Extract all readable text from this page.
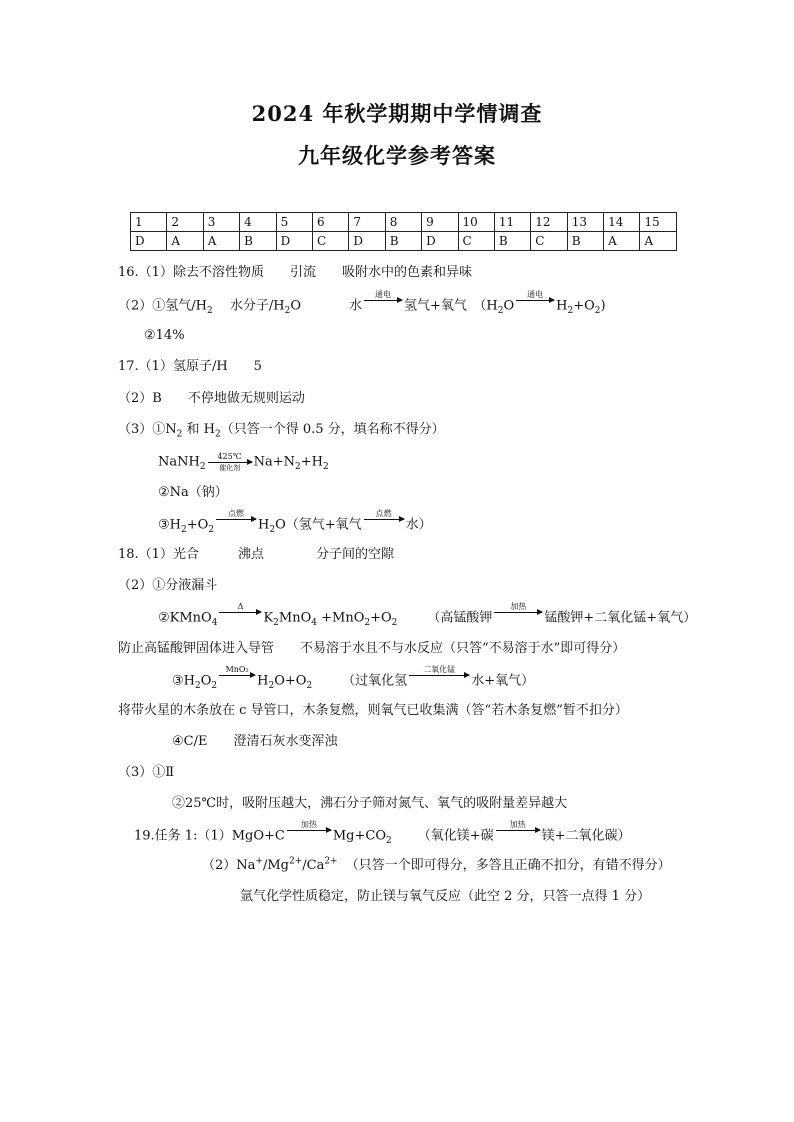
2024 年秋学期期中学情调查
九年级化学参考答案
1	2	3	4	5	6	7	8	9	10	11	12	13	14	15
D	A	A	B	D	C	D	B	D	C	B	C	B	A	A
16.（1）除去不溶性物质　　引流　　吸附水中的色素和异味
（2）①氢气$/H_2$　 水分子$/H_2O$	水
通电
氢气+氧气　（$H_2O$
通电
$H_2+O_2$)
②14%
17.（1）氢原子/H　　5
（2）B　　不停地做无规则运动
$(3)①N_2$ 和 $H_2$（只答一个得 0.5 分，填名称不得分）
NaNH$_2$
425℃
催化剂	$Na+N_2+H_2$
②Na（钠）
$③H_2+O_2$
点燃
$H_2O$（氢气+氧气
点燃
水）
18.（1）光合　　　沸点　　　　分子间的空隙
（2）①分液漏斗
②KMnO$_4$
Δ
$K_2MnO_4 +MnO_2+O_2$ （高锰酸钾
加热
锰酸钾+二氧化锰+氧气）
防止高锰酸钾固体进入导管　　不易溶于水且不与水反应（只答“不易溶于水”即可得分）
$③H_2O_2$
MnO₂
$H_2O+O_2$ （过氧化氢
二氧化锰
水+氧气）
将带火星的木条放在 c 导管口，木条复燃，则氧气已收集满（答“若木条复燃”暂不扣分）
④C/E　　澄清石灰水变浑浊
（3）①Ⅱ
②25℃时，吸附压越大，沸石分子筛对氮气、氧气的吸附量差异越大
19.任务 1:（1）MgO+C
加热
$Mg+CO_2$ （氧化镁+碳
加热
镁+二氧化碳）
$(2)Na^+/Mg^{2+}/Ca^{2+}$ （只答一个即可得分，多答且正确不扣分，有错不得分）
氩气化学性质稳定，防止镁与氧气反应（此空 2 分，只答一点得 1 分）
